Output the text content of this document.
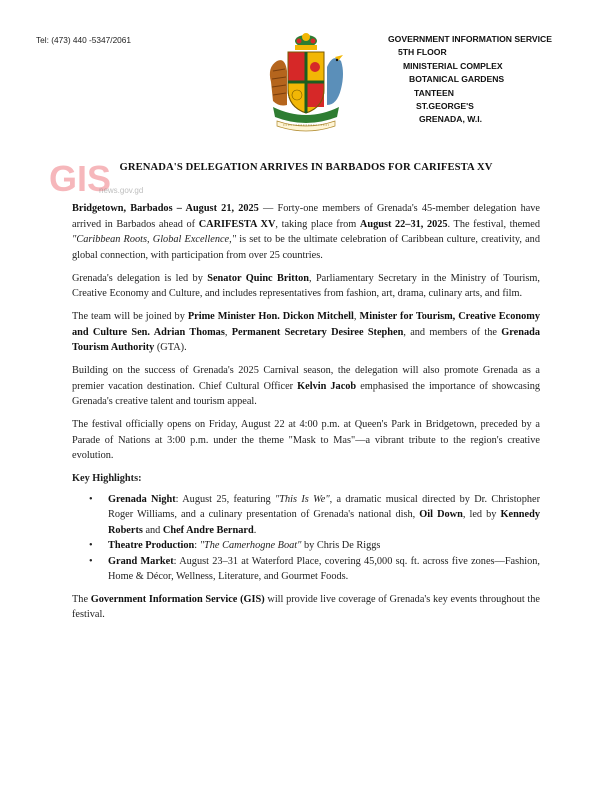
Tel: (473) 440 -5347/2061	GOVERNMENT INFORMATION SERVICE
5TH FLOOR
MINISTERIAL COMPLEX
BOTANICAL GARDENS
TANTEEN
ST.GEORGE'S
GRENADA, W.I.
GIS
news.gov.gd
GRENADA'S DELEGATION ARRIVES IN BARBADOS FOR CARIFESTA XV

Bridgetown, Barbados – August 21, 2025 — Forty-one members of Grenada's 45-member delegation have arrived in Barbados ahead of CARIFESTA XV, taking place from August 22–31, 2025. The festival, themed "Caribbean Roots, Global Excellence," is set to be the ultimate celebration of Caribbean culture, creativity, and global connection, with participation from over 25 countries.

Grenada's delegation is led by Senator Quinc Britton, Parliamentary Secretary in the Ministry of Tourism, Creative Economy and Culture, and includes representatives from fashion, art, drama, culinary arts, and film.

The team will be joined by Prime Minister Hon. Dickon Mitchell, Minister for Tourism, Creative Economy and Culture Sen. Adrian Thomas, Permanent Secretary Desiree Stephen, and members of the Grenada Tourism Authority (GTA).

Building on the success of Grenada's 2025 Carnival season, the delegation will also promote Grenada as a premier vacation destination. Chief Cultural Officer Kelvin Jacob emphasised the importance of showcasing Grenada's creative talent and tourism appeal.

The festival officially opens on Friday, August 22 at 4:00 p.m. at Queen's Park in Bridgetown, preceded by a Parade of Nations at 3:00 p.m. under the theme "Mask to Mas"—a vibrant tribute to the region's creative evolution.

Key Highlights:
• Grenada Night: August 25, featuring "This Is We", a dramatic musical directed by Dr. Christopher Roger Williams, and a culinary presentation of Grenada's national dish, Oil Down, led by Kennedy Roberts and Chef Andre Bernard.
• Theatre Production: "The Camerhogne Boat" by Chris De Riggs
• Grand Market: August 23–31 at Waterford Place, covering 45,000 sq. ft. across five zones—Fashion, Home & Décor, Wellness, Literature, and Gourmet Foods.

The Government Information Service (GIS) will provide live coverage of Grenada's key events throughout the festival.
